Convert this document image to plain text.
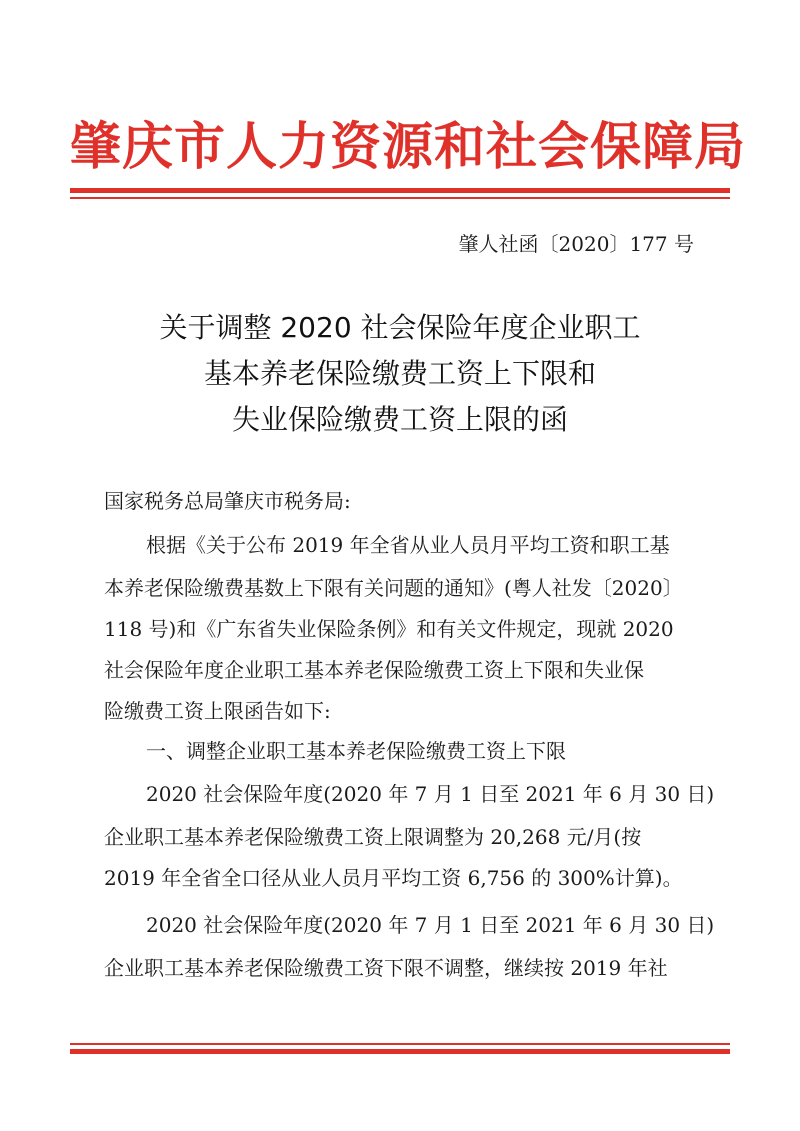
肇庆市人力资源和社会保障局
肇人社函〔2020〕177 号
关于调整 2020 社会保险年度企业职工
基本养老保险缴费工资上下限和
失业保险缴费工资上限的函
国家税务总局肇庆市税务局:
根据《关于公布 2019 年全省从业人员月平均工资和职工基
本养老保险缴费基数上下限有关问题的通知》(粤人社发〔2020〕
118 号)和《广东省失业保险条例》和有关文件规定，现就 2020
社会保险年度企业职工基本养老保险缴费工资上下限和失业保
险缴费工资上限函告如下:
一、调整企业职工基本养老保险缴费工资上下限
2020 社会保险年度(2020 年 7 月 1 日至 2021 年 6 月 30 日)
企业职工基本养老保险缴费工资上限调整为 20,268 元/月(按
2019 年全省全口径从业人员月平均工资 6,756 的 300%计算)。
2020 社会保险年度(2020 年 7 月 1 日至 2021 年 6 月 30 日)
企业职工基本养老保险缴费工资下限不调整，继续按 2019 年社
